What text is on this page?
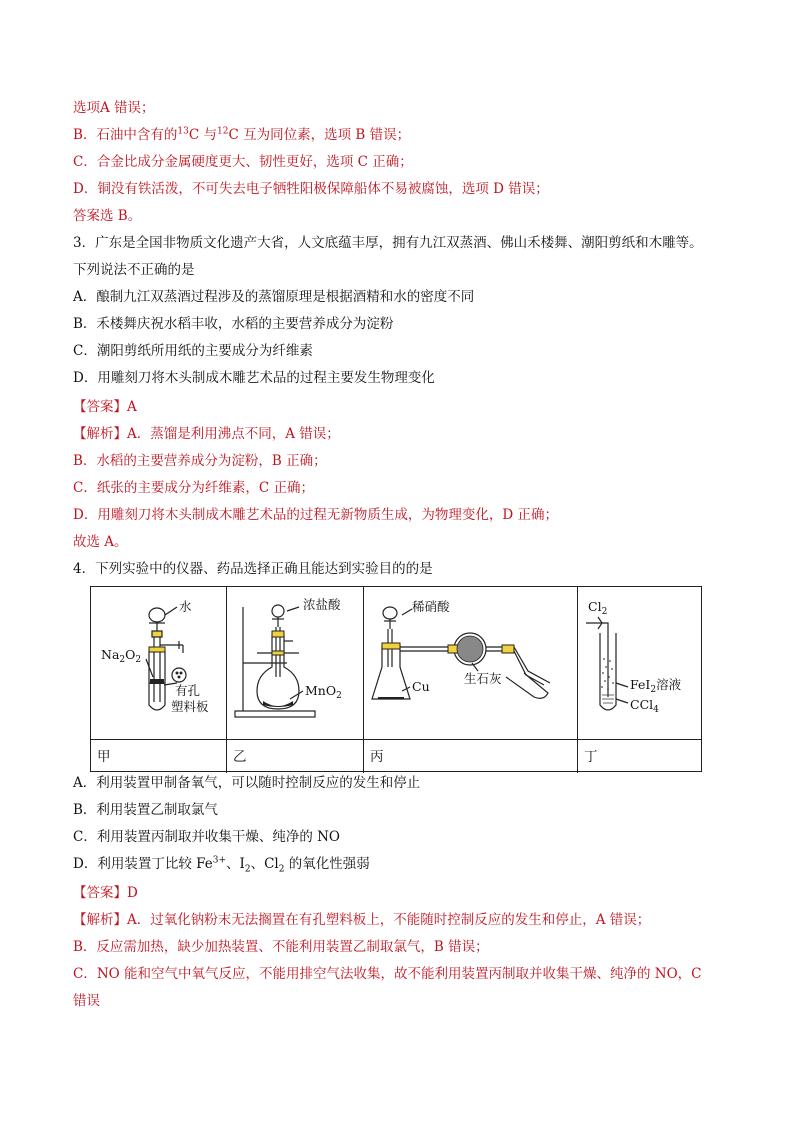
选项A 错误；
B．石油中含有的$^{13}$C 与$^{12}$C 互为同位素，选项 B 错误；
C．合金比成分金属硬度更大、韧性更好，选项 C 正确；
D．铜没有铁活泼，不可失去电子牺牲阳极保障船体不易被腐蚀，选项 D 错误；
答案选 B。
3．广东是全国非物质文化遗产大省，人文底蕴丰厚，拥有九江双蒸酒、佛山禾楼舞、潮阳剪纸和木雕等。
下列说法不正确的是
A．酿制九江双蒸酒过程涉及的蒸馏原理是根据酒精和水的密度不同
B．禾楼舞庆祝水稻丰收，水稻的主要营养成分为淀粉
C．潮阳剪纸所用纸的主要成分为纤维素
D．用雕刻刀将木头制成木雕艺术品的过程主要发生物理变化
【答案】A
【解析】A．蒸馏是利用沸点不同，A 错误；
B．水稻的主要营养成分为淀粉，B 正确；
C．纸张的主要成分为纤维素，C 正确；
D．用雕刻刀将木头制成木雕艺术品的过程无新物质生成，为物理变化，D 正确；
故选 A。
4．下列实验中的仪器、药品选择正确且能达到实验目的的是
水
$Na_2O_2$
有孔
塑料板
甲
浓盐酸
MnO$_2$
乙
稀硝酸
生石灰
Cu
丙
$Cl_2$
FeI$_2$溶液
CCl$_4$
丁
A．利用装置甲制备氧气，可以随时控制反应的发生和停止
B．利用装置乙制取氯气
C．利用装置丙制取并收集干燥、纯净的 NO
D．利用装置丁比较 $Fe^{3+}$、$I_2$、$Cl_2$ 的氧化性强弱
【答案】D
【解析】A．过氧化钠粉末无法搁置在有孔塑料板上，不能随时控制反应的发生和停止，A 错误；
B．反应需加热，缺少加热装置、不能利用装置乙制取氯气，B 错误；
C．NO 能和空气中氧气反应，不能用排空气法收集，故不能利用装置丙制取并收集干燥、纯净的 NO，C
错误
